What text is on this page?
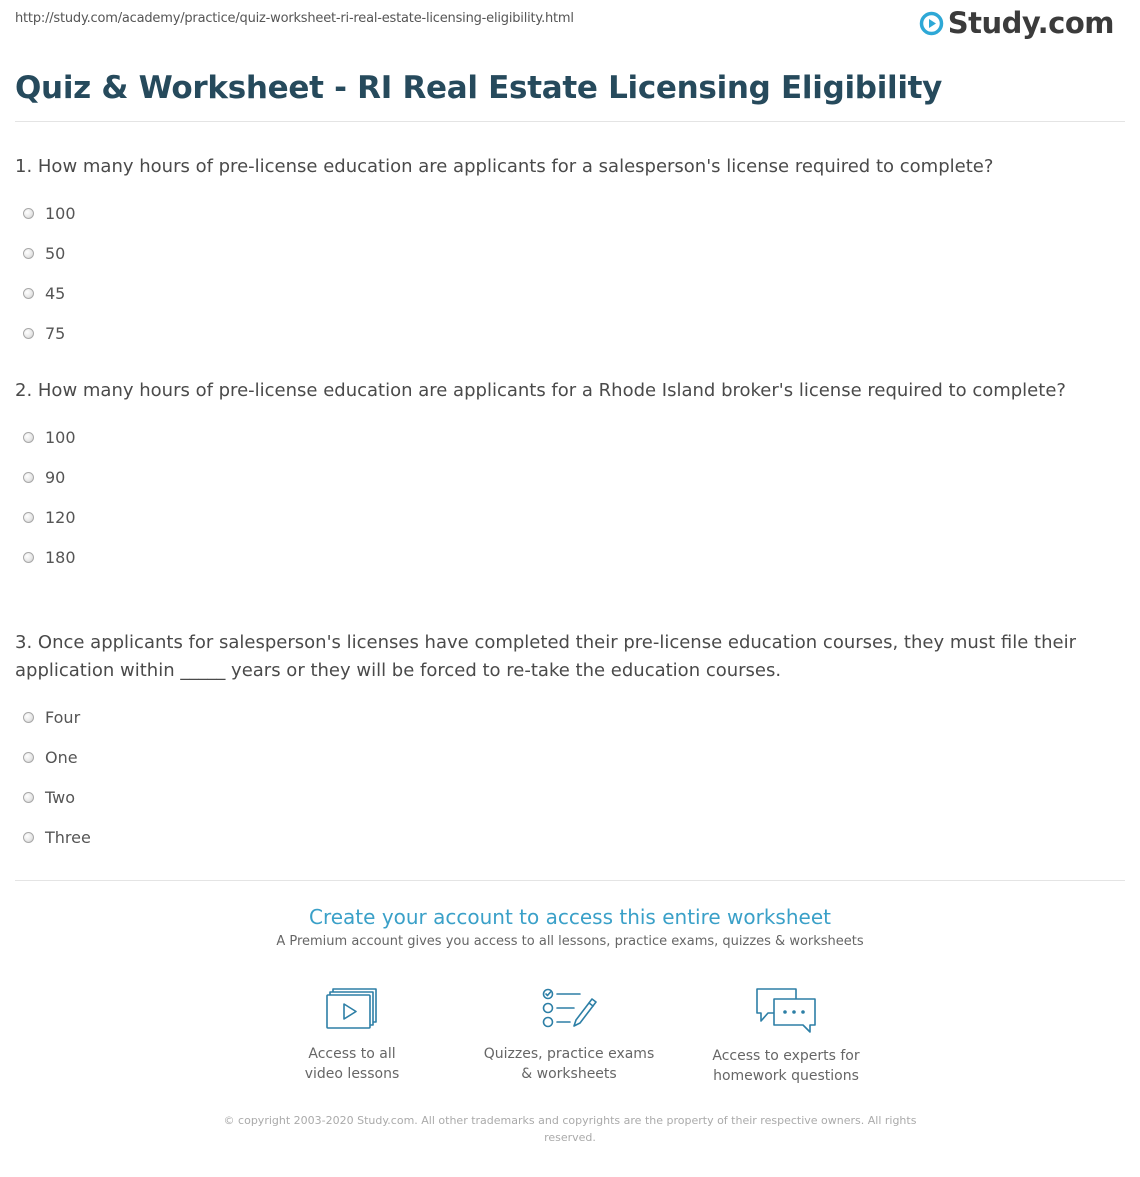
http://study.com/academy/practice/quiz-worksheet-ri-real-estate-licensing-eligibility.html	Study.com
Quiz & Worksheet - RI Real Estate Licensing Eligibility

1. How many hours of pre-license education are applicants for a salesperson's license required to complete?

100
50
45
75

2. How many hours of pre-license education are applicants for a Rhode Island broker's license required to complete?

100
90
120
180

3. Once applicants for salesperson's licenses have completed their pre-license education courses, they must file their application within _____ years or they will be forced to re-take the education courses.

Four
One
Two
Three

Create your account to access this entire worksheet

A Premium account gives you access to all lessons, practice exams, quizzes & worksheets
Access to all
video lessons
Quizzes, practice exams
& worksheets
Access to experts for
homework questions
© copyright 2003-2020 Study.com. All other trademarks and copyrights are the property of their respective owners. All rights reserved.
